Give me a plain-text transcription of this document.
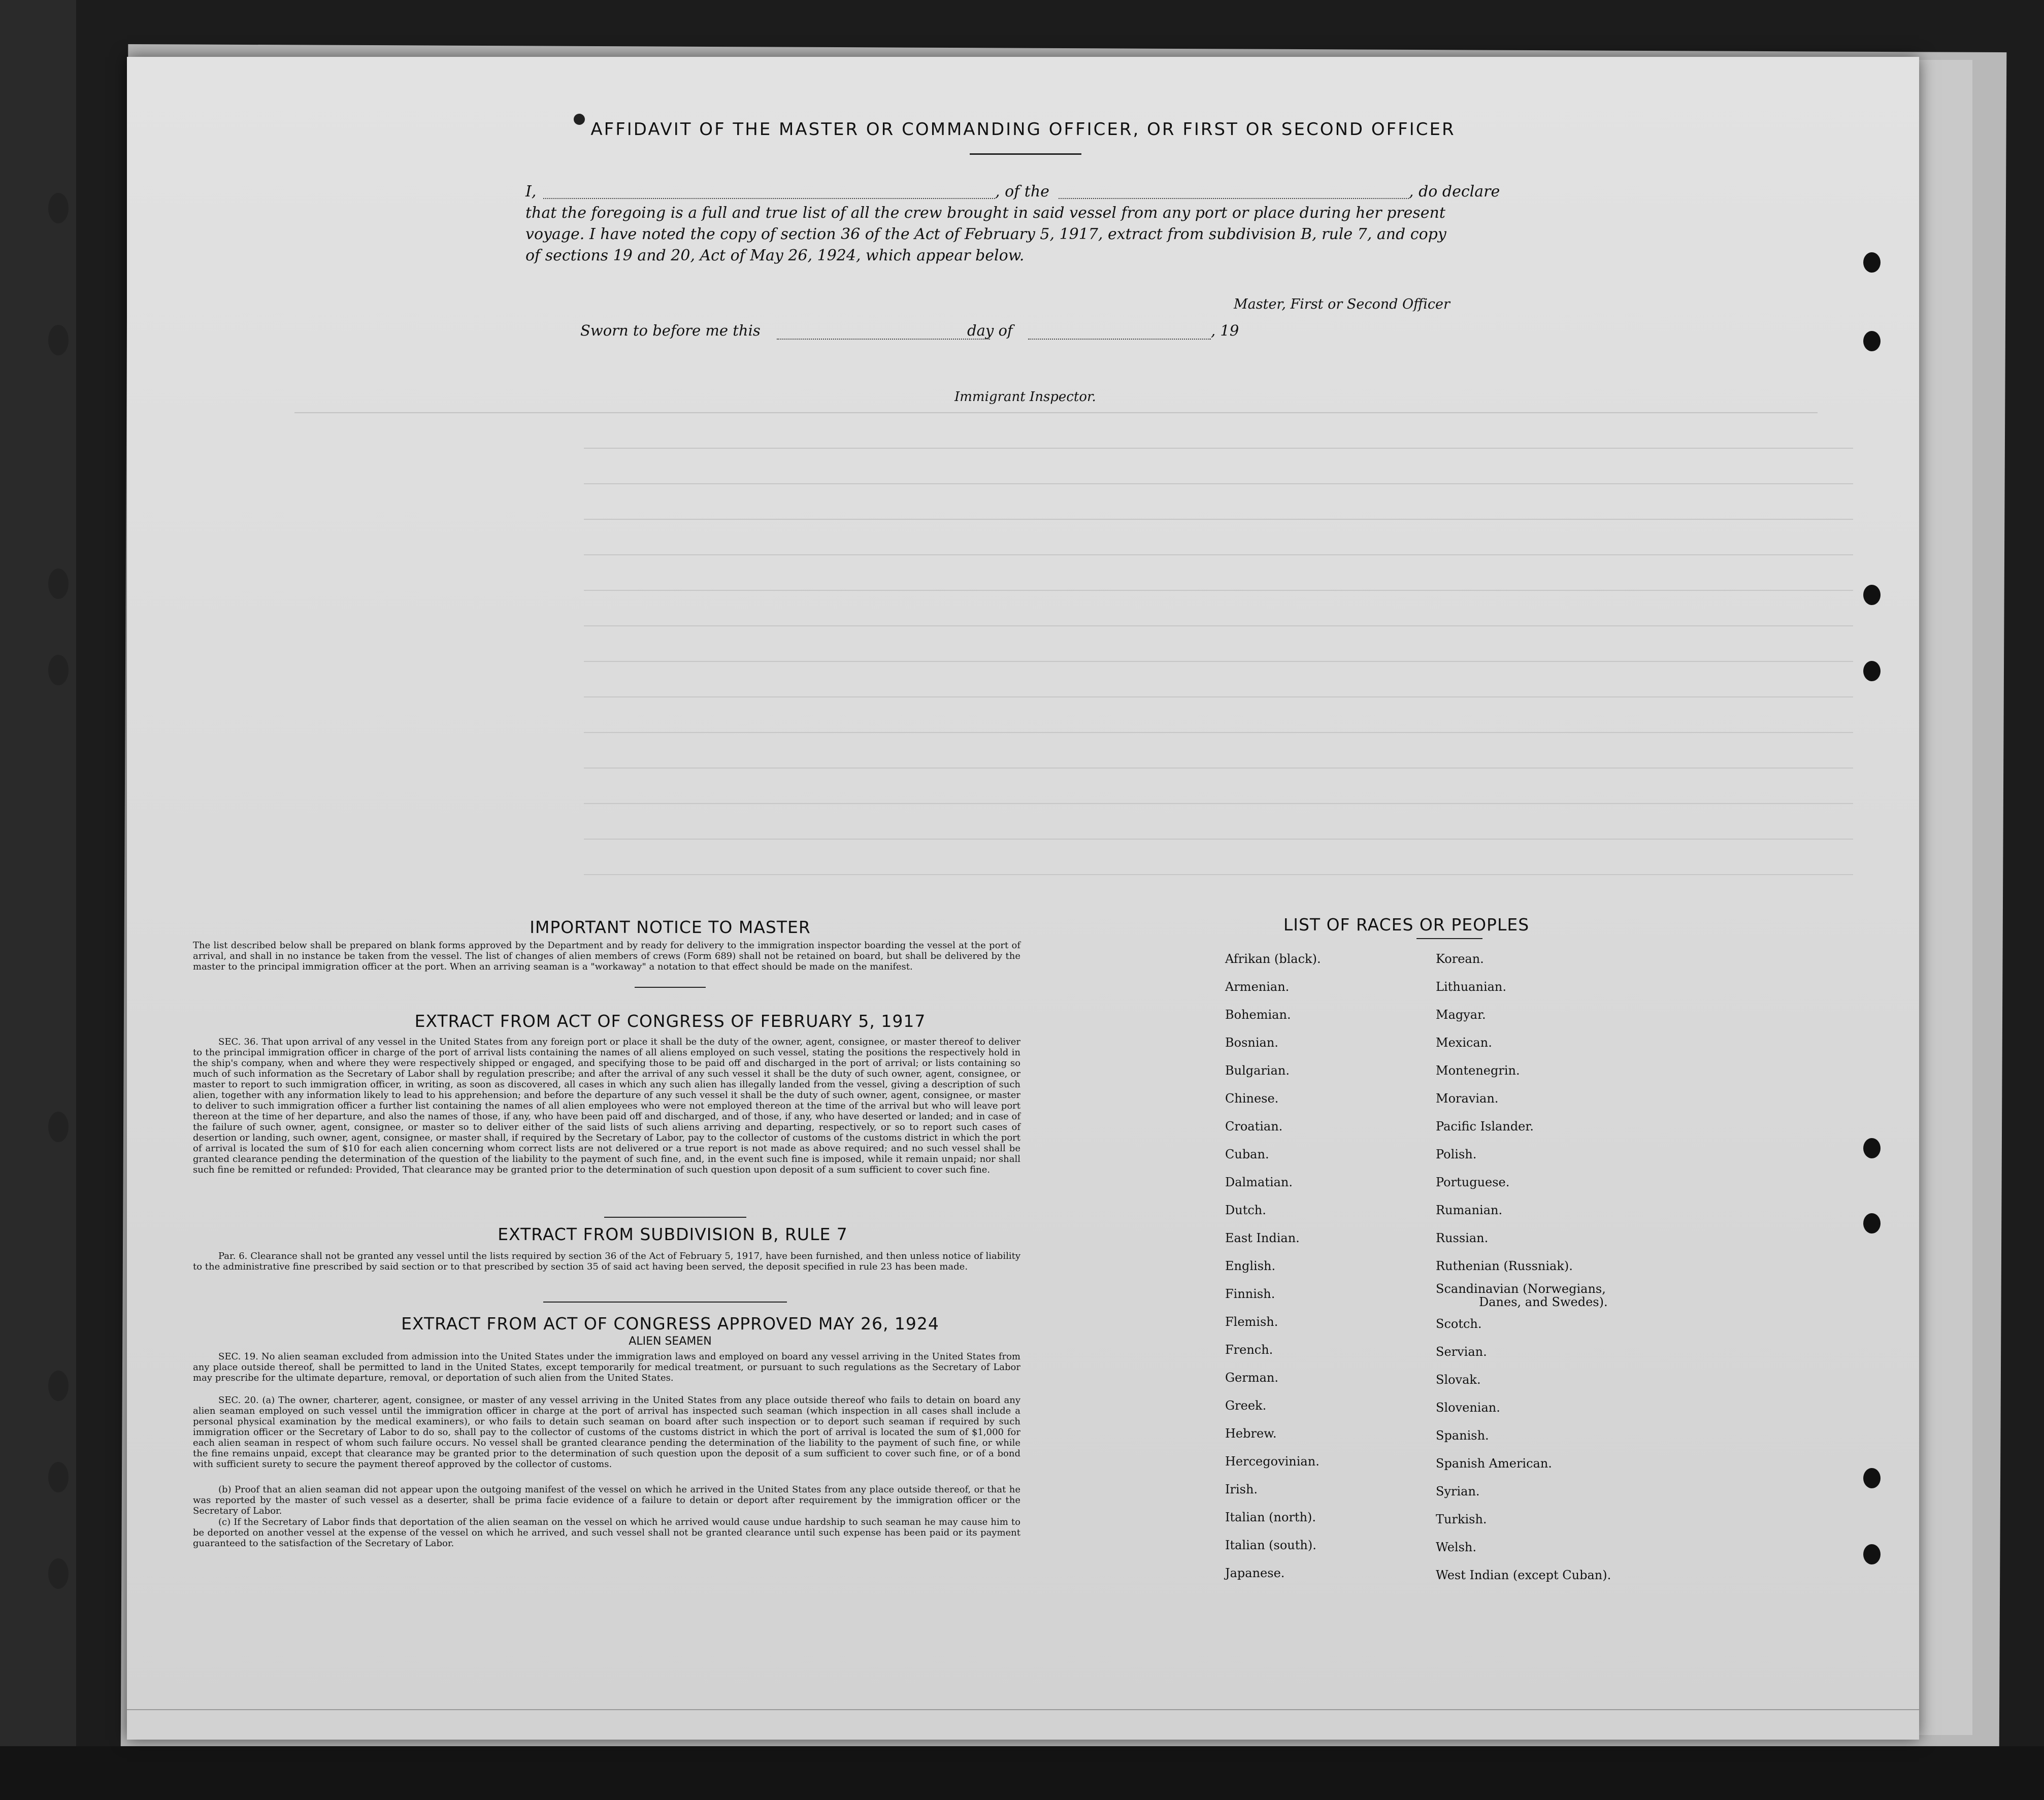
AFFIDAVIT OF THE MASTER OR COMMANDING OFFICER, OR FIRST OR SECOND OFFICER
I,	, of the	, do declare
that the foregoing is a full and true list of all the crew brought in said vessel from any port or place during her present
voyage. I have noted the copy of section 36 of the Act of February 5, 1917, extract from subdivision B, rule 7, and copy
of sections 19 and 20, Act of May 26, 1924, which appear below.
Master, First or Second Officer
Sworn to before me this	day of	, 19
Immigrant Inspector.
IMPORTANT NOTICE TO MASTER
The list described below shall be prepared on blank forms approved by the Department and by ready for delivery to the immigration inspector boarding the vessel at the port of arrival, and shall in no instance be taken from the vessel. The list of changes of alien members of crews (Form 689) shall not be retained on board, but shall be delivered by the master to the principal immigration officer at the port. When an arriving seaman is a "workaway" a notation to that effect should be made on the manifest.
EXTRACT FROM ACT OF CONGRESS OF FEBRUARY 5, 1917
SEC. 36. That upon arrival of any vessel in the United States from any foreign port or place it shall be the duty of the owner, agent, consignee, or master thereof to deliver to the principal immigration officer in charge of the port of arrival lists containing the names of all aliens employed on such vessel, stating the positions the respectively hold in the ship's company, when and where they were respectively shipped or engaged, and specifying those to be paid off and discharged in the port of arrival; or lists containing so much of such information as the Secretary of Labor shall by regulation prescribe; and after the arrival of any such vessel it shall be the duty of such owner, agent, consignee, or master to report to such immigration officer, in writing, as soon as discovered, all cases in which any such alien has illegally landed from the vessel, giving a description of such alien, together with any information likely to lead to his apprehension; and before the departure of any such vessel it shall be the duty of such owner, agent, consignee, or master to deliver to such immigration officer a further list containing the names of all alien employees who were not employed thereon at the time of the arrival but who will leave port thereon at the time of her departure, and also the names of those, if any, who have been paid off and discharged, and of those, if any, who have deserted or landed; and in case of the failure of such owner, agent, consignee, or master so to deliver either of the said lists of such aliens arriving and departing, respectively, or so to report such cases of desertion or landing, such owner, agent, consignee, or master shall, if required by the Secretary of Labor, pay to the collector of customs of the customs district in which the port of arrival is located the sum of $10 for each alien concerning whom correct lists are not delivered or a true report is not made as above required; and no such vessel shall be granted clearance pending the determination of the question of the liability to the payment of such fine, and, in the event such fine is imposed, while it remain unpaid; nor shall such fine be remitted or refunded: Provided, That clearance may be granted prior to the determination of such question upon deposit of a sum sufficient to cover such fine.
EXTRACT FROM SUBDIVISION B, RULE 7
Par. 6. Clearance shall not be granted any vessel until the lists required by section 36 of the Act of February 5, 1917, have been furnished, and then unless notice of liability to the administrative fine prescribed by said section or to that prescribed by section 35 of said act having been served, the deposit specified in rule 23 has been made.
EXTRACT FROM ACT OF CONGRESS APPROVED MAY 26, 1924
ALIEN SEAMEN
SEC. 19. No alien seaman excluded from admission into the United States under the immigration laws and employed on board any vessel arriving in the United States from any place outside thereof, shall be permitted to land in the United States, except temporarily for medical treatment, or pursuant to such regulations as the Secretary of Labor may prescribe for the ultimate departure, removal, or deportation of such alien from the United States.
SEC. 20. (a) The owner, charterer, agent, consignee, or master of any vessel arriving in the United States from any place outside thereof who fails to detain on board any alien seaman employed on such vessel until the immigration officer in charge at the port of arrival has inspected such seaman (which inspection in all cases shall include a personal physical examination by the medical examiners), or who fails to detain such seaman on board after such inspection or to deport such seaman if required by such immigration officer or the Secretary of Labor to do so, shall pay to the collector of customs of the customs district in which the port of arrival is located the sum of $1,000 for each alien seaman in respect of whom such failure occurs. No vessel shall be granted clearance pending the determination of the liability to the payment of such fine, or while the fine remains unpaid, except that clearance may be granted prior to the determination of such question upon the deposit of a sum sufficient to cover such fine, or of a bond with sufficient surety to secure the payment thereof approved by the collector of customs.
(b) Proof that an alien seaman did not appear upon the outgoing manifest of the vessel on which he arrived in the United States from any place outside thereof, or that he was reported by the master of such vessel as a deserter, shall be prima facie evidence of a failure to detain or deport after requirement by the immigration officer or the Secretary of Labor.
(c) If the Secretary of Labor finds that deportation of the alien seaman on the vessel on which he arrived would cause undue hardship to such seaman he may cause him to be deported on another vessel at the expense of the vessel on which he arrived, and such vessel shall not be granted clearance until such expense has been paid or its payment guaranteed to the satisfaction of the Secretary of Labor.
LIST OF RACES OR PEOPLES
Afrikan (black).
Armenian.
Bohemian.
Bosnian.
Bulgarian.
Chinese.
Croatian.
Cuban.
Dalmatian.
Dutch.
East Indian.
English.
Finnish.
Flemish.
French.
German.
Greek.
Hebrew.
Hercegovinian.
Irish.
Italian (north).
Italian (south).
Japanese.
Korean.
Lithuanian.
Magyar.
Mexican.
Montenegrin.
Moravian.
Pacific Islander.
Polish.
Portuguese.
Rumanian.
Russian.
Ruthenian (Russniak).
Scandinavian (Norwegians,
Danes, and Swedes).
Scotch.
Servian.
Slovak.
Slovenian.
Spanish.
Spanish American.
Syrian.
Turkish.
Welsh.
West Indian (except Cuban).
